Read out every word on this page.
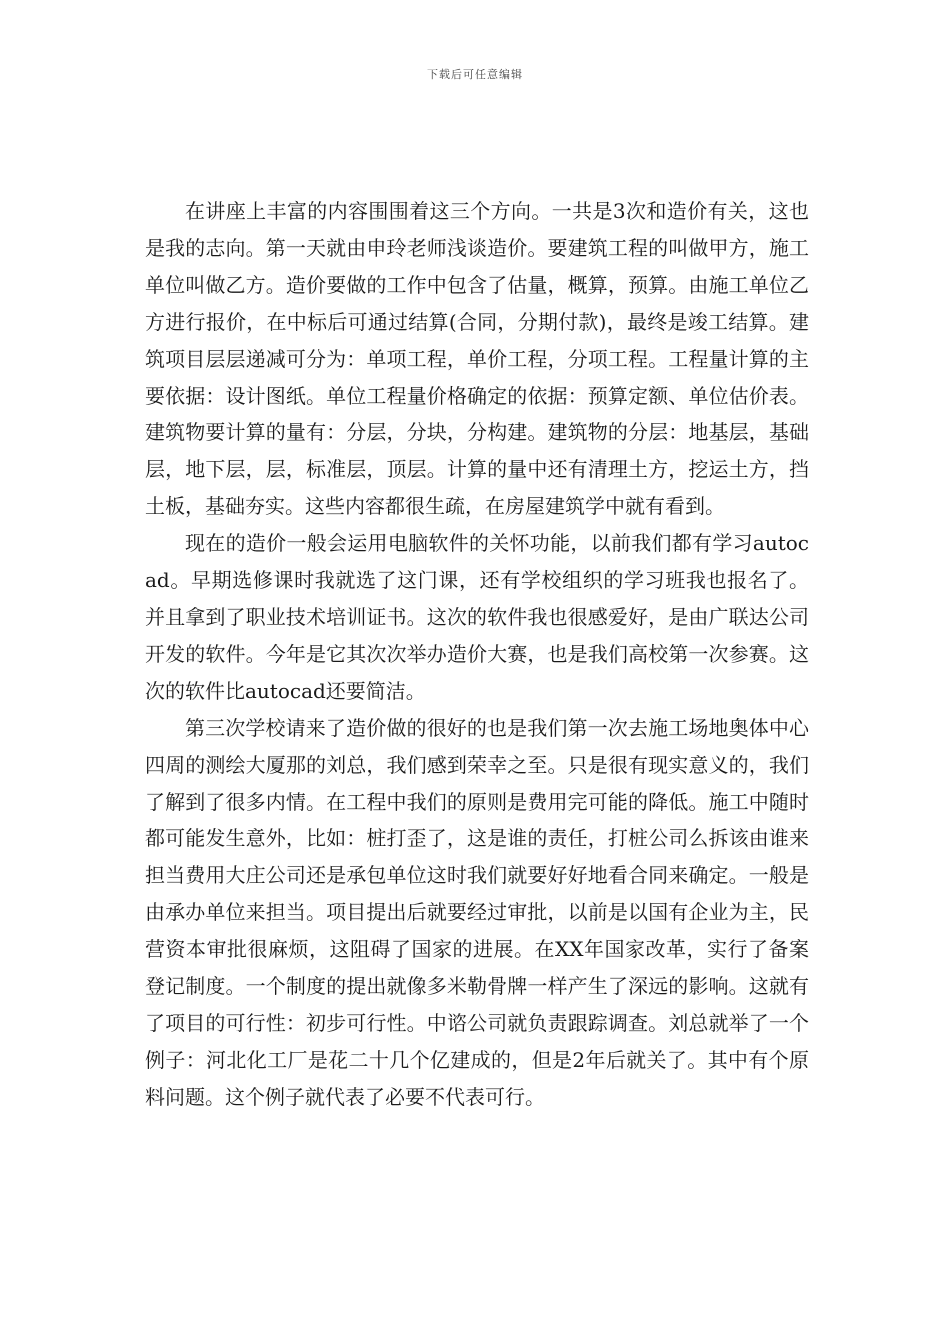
下载后可任意编辑

在讲座上丰富的内容围围着这三个方向。一共是3次和造价有关，这也是我的志向。第一天就由申玲老师浅谈造价。要建筑工程的叫做甲方，施工单位叫做乙方。造价要做的工作中包含了估量，概算，预算。由施工单位乙方进行报价，在中标后可通过结算(合同，分期付款)，最终是竣工结算。建筑项目层层递减可分为：单项工程，单价工程，分项工程。工程量计算的主要依据：设计图纸。单位工程量价格确定的依据：预算定额、单位估价表。建筑物要计算的量有：分层，分块，分构建。建筑物的分层：地基层，基础层，地下层，层，标准层，顶层。计算的量中还有清理土方，挖运土方，挡土板，基础夯实。这些内容都很生疏，在房屋建筑学中就有看到。

现在的造价一般会运用电脑软件的关怀功能，以前我们都有学习autocad。早期选修课时我就选了这门课，还有学校组织的学习班我也报名了。并且拿到了职业技术培训证书。这次的软件我也很感爱好，是由广联达公司开发的软件。今年是它其次次举办造价大赛，也是我们高校第一次参赛。这次的软件比autocad还要简洁。

第三次学校请来了造价做的很好的也是我们第一次去施工场地奥体中心四周的测绘大厦那的刘总，我们感到荣幸之至。只是很有现实意义的，我们了解到了很多内情。在工程中我们的原则是费用完可能的降低。施工中随时都可能发生意外，比如：桩打歪了，这是谁的责任，打桩公司么拆该由谁来担当费用大庄公司还是承包单位这时我们就要好好地看合同来确定。一般是由承办单位来担当。项目提出后就要经过审批，以前是以国有企业为主，民营资本审批很麻烦，这阻碍了国家的进展。在XX年国家改革，实行了备案登记制度。一个制度的提出就像多米勒骨牌一样产生了深远的影响。这就有了项目的可行性：初步可行性。中谘公司就负责跟踪调查。刘总就举了一个例子：河北化工厂是花二十几个亿建成的，但是2年后就关了。其中有个原料问题。这个例子就代表了必要不代表可行。
